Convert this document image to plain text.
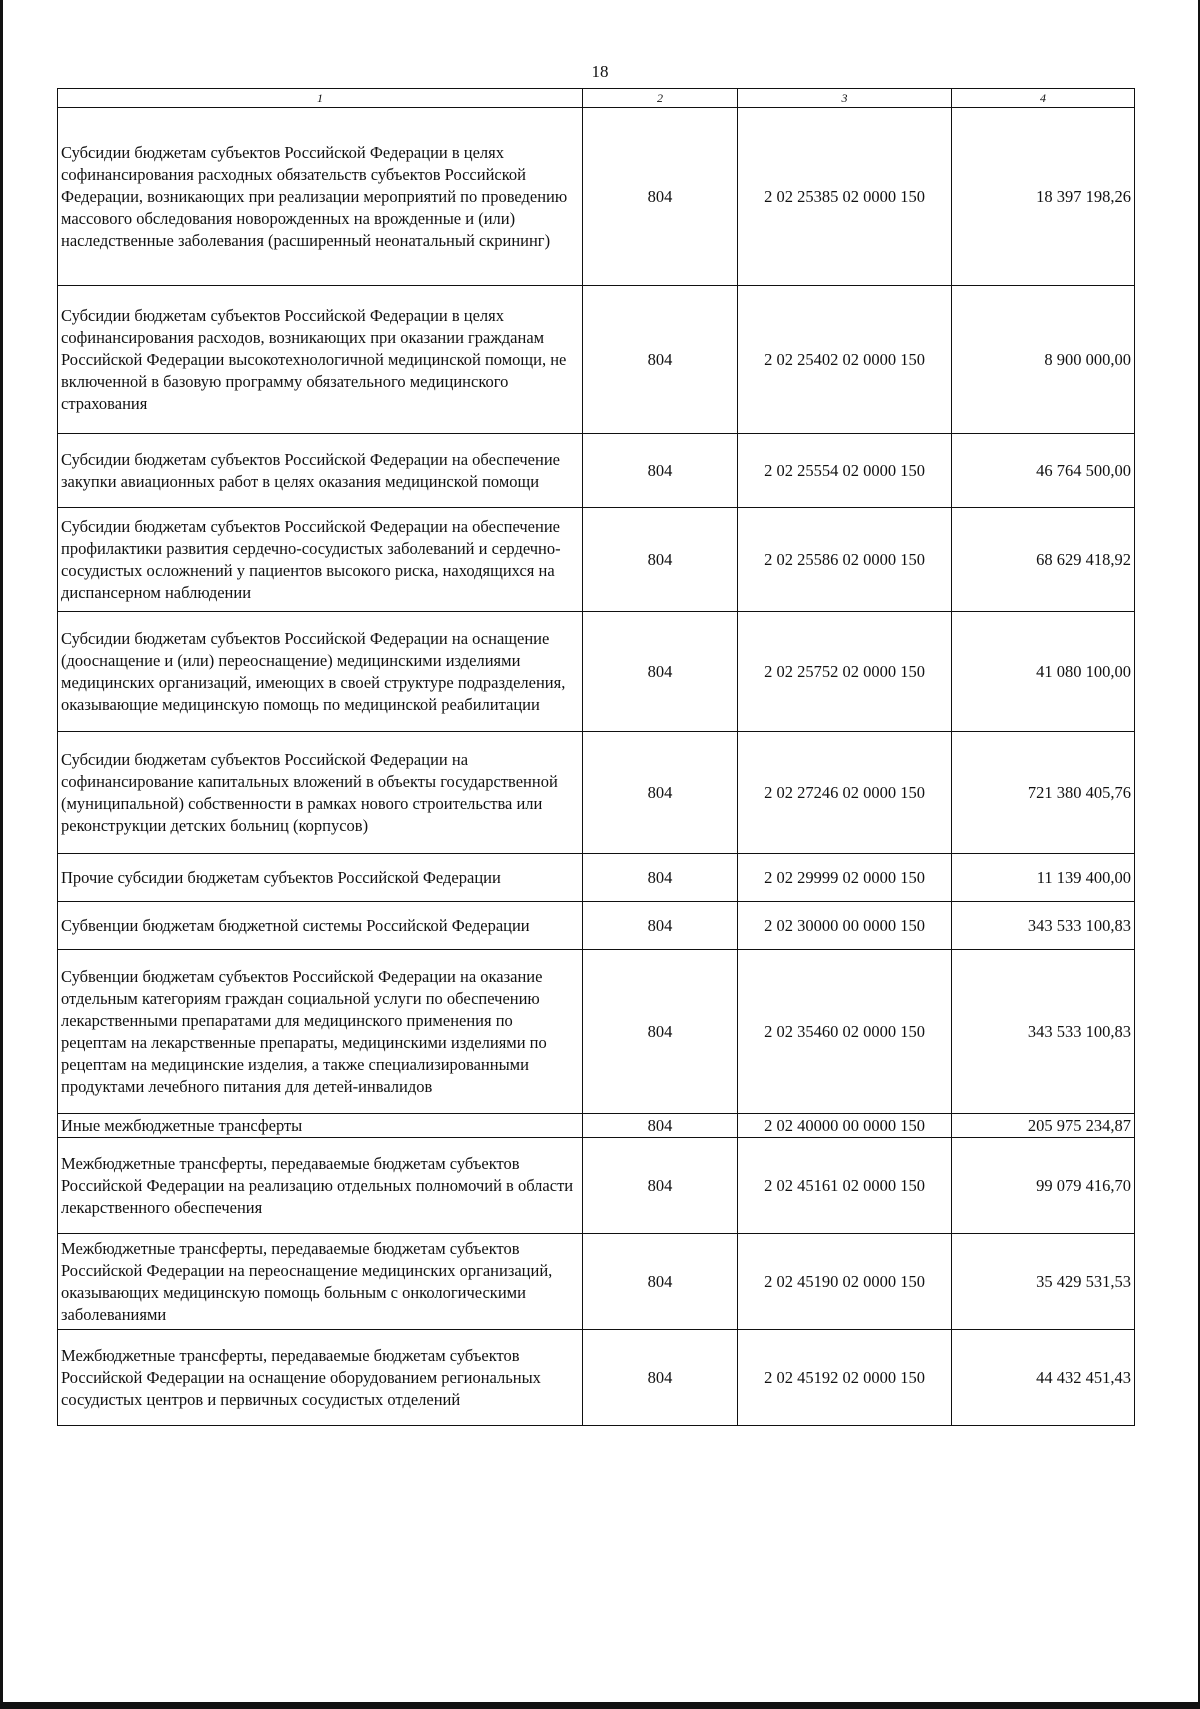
18
1	2	3	4
Субсидии бюджетам субъектов Российской Федерации в целях софинансирования расходных обязательств субъектов Российской Федерации, возникающих при реализации мероприятий по проведению массового обследования новорожденных на врожденные и (или) наследственные заболевания (расширенный неонатальный скрининг)	804	2 02 25385 02 0000 150	18 397 198,26
Субсидии бюджетам субъектов Российской Федерации в целях софинансирования расходов, возникающих при оказании гражданам Российской Федерации высокотехнологичной медицинской помощи, не включенной в базовую программу обязательного медицинского страхования	804	2 02 25402 02 0000 150	8 900 000,00
Субсидии бюджетам субъектов Российской Федерации на обеспечение закупки авиационных работ в целях оказания медицинской помощи	804	2 02 25554 02 0000 150	46 764 500,00
Субсидии бюджетам субъектов Российской Федерации на обеспечение профилактики развития сердечно-сосудистых заболеваний и сердечно-сосудистых осложнений у пациентов высокого риска, находящихся на диспансерном наблюдении	804	2 02 25586 02 0000 150	68 629 418,92
Субсидии бюджетам субъектов Российской Федерации на оснащение (дооснащение и (или) переоснащение) медицинскими изделиями медицинских организаций, имеющих в своей структуре подразделения, оказывающие медицинскую помощь по медицинской реабилитации	804	2 02 25752 02 0000 150	41 080 100,00
Субсидии бюджетам субъектов Российской Федерации на софинансирование капитальных вложений в объекты государственной (муниципальной) собственности в рамках нового строительства или реконструкции детских больниц (корпусов)	804	2 02 27246 02 0000 150	721 380 405,76
Прочие субсидии бюджетам субъектов Российской Федерации	804	2 02 29999 02 0000 150	11 139 400,00
Субвенции бюджетам бюджетной системы Российской Федерации	804	2 02 30000 00 0000 150	343 533 100,83
Субвенции бюджетам субъектов Российской Федерации на оказание отдельным категориям граждан социальной услуги по обеспечению лекарственными препаратами для медицинского применения по рецептам на лекарственные препараты, медицинскими изделиями по рецептам на медицинские изделия, а также специализированными продуктами лечебного питания для детей-инвалидов	804	2 02 35460 02 0000 150	343 533 100,83
Иные межбюджетные трансферты	804	2 02 40000 00 0000 150	205 975 234,87
Межбюджетные трансферты, передаваемые бюджетам субъектов Российской Федерации на реализацию отдельных полномочий в области лекарственного обеспечения	804	2 02 45161 02 0000 150	99 079 416,70
Межбюджетные трансферты, передаваемые бюджетам субъектов Российской Федерации на переоснащение медицинских организаций, оказывающих медицинскую помощь больным с онкологическими заболеваниями	804	2 02 45190 02 0000 150	35 429 531,53
Межбюджетные трансферты, передаваемые бюджетам субъектов Российской Федерации на оснащение оборудованием региональных сосудистых центров и первичных сосудистых отделений	804	2 02 45192 02 0000 150	44 432 451,43
